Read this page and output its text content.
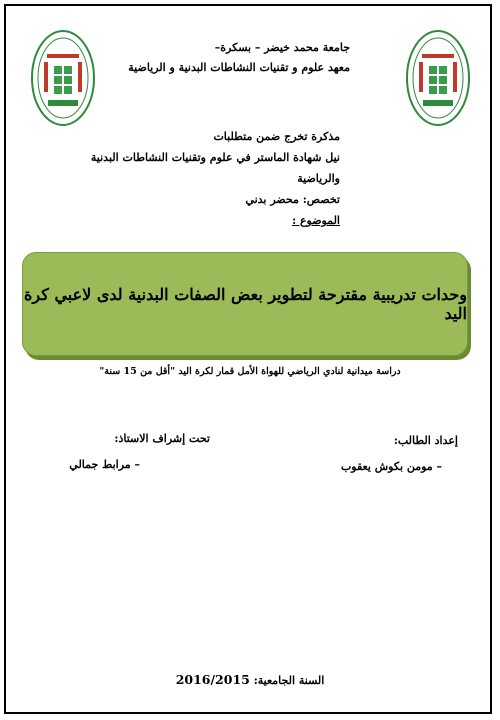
جامعة محمد خيضر – بسكرة–
معهد علوم و تقنيات النشاطات البدنية و الرياضية
مذكرة تخرج ضمن متطلبات
نيل شهادة الماستر في علوم وتقنيات النشاطات البدنية والرياضية
تخصص: محضر بدني
الموضوع :
وحدات تدريبية مقترحة لتطوير بعض الصفات البدنية لدى لاعبي كرة اليد
دراسة ميدانية لنادي الرياضي للهواة الأمل قمار لكرة اليد "أقل من 15 سنة"
إعداد الطالب:
– مومن بكوش يعقوب
تحت إشراف الاستاذ:
– مرابط جمالي
السنة الجامعية: 2016/2015
